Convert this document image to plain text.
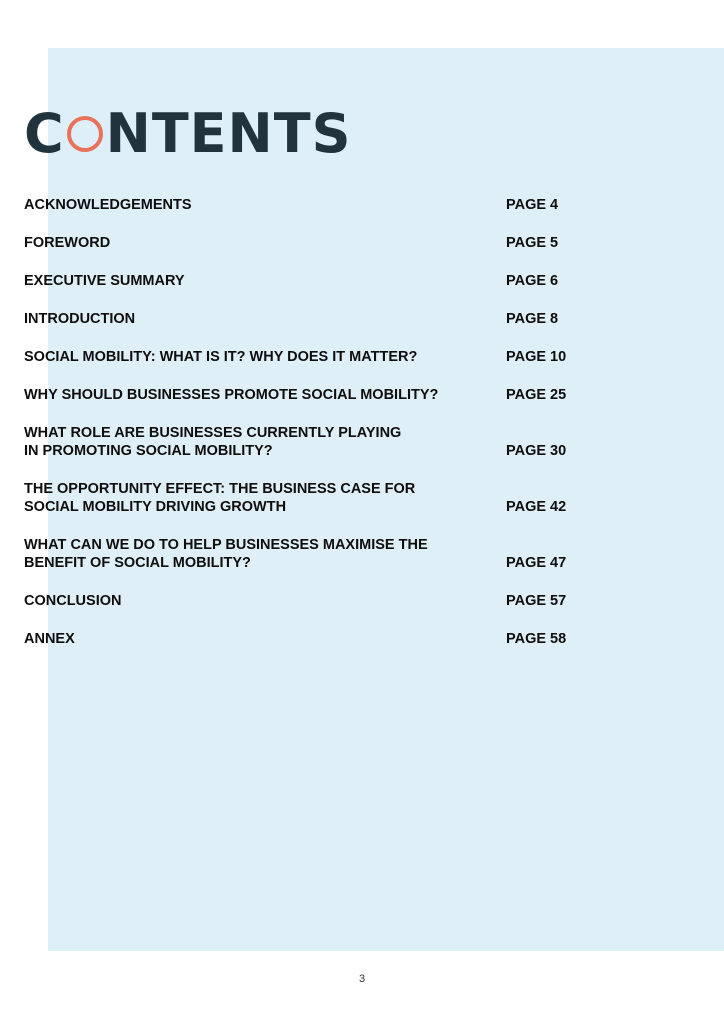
C NTENTS
ACKNOWLEDGEMENTS	PAGE 4
FOREWORD	PAGE 5
EXECUTIVE SUMMARY	PAGE 6
INTRODUCTION	PAGE 8
SOCIAL MOBILITY: WHAT IS IT? WHY DOES IT MATTER?	PAGE 10
WHY SHOULD BUSINESSES PROMOTE SOCIAL MOBILITY?	PAGE 25
WHAT ROLE ARE BUSINESSES CURRENTLY PLAYING
IN PROMOTING SOCIAL MOBILITY?	PAGE 30
THE OPPORTUNITY EFFECT: THE BUSINESS CASE FOR
SOCIAL MOBILITY DRIVING GROWTH	PAGE 42
WHAT CAN WE DO TO HELP BUSINESSES MAXIMISE THE
BENEFIT OF SOCIAL MOBILITY?	PAGE 47
CONCLUSION	PAGE 57
ANNEX	PAGE 58
3
